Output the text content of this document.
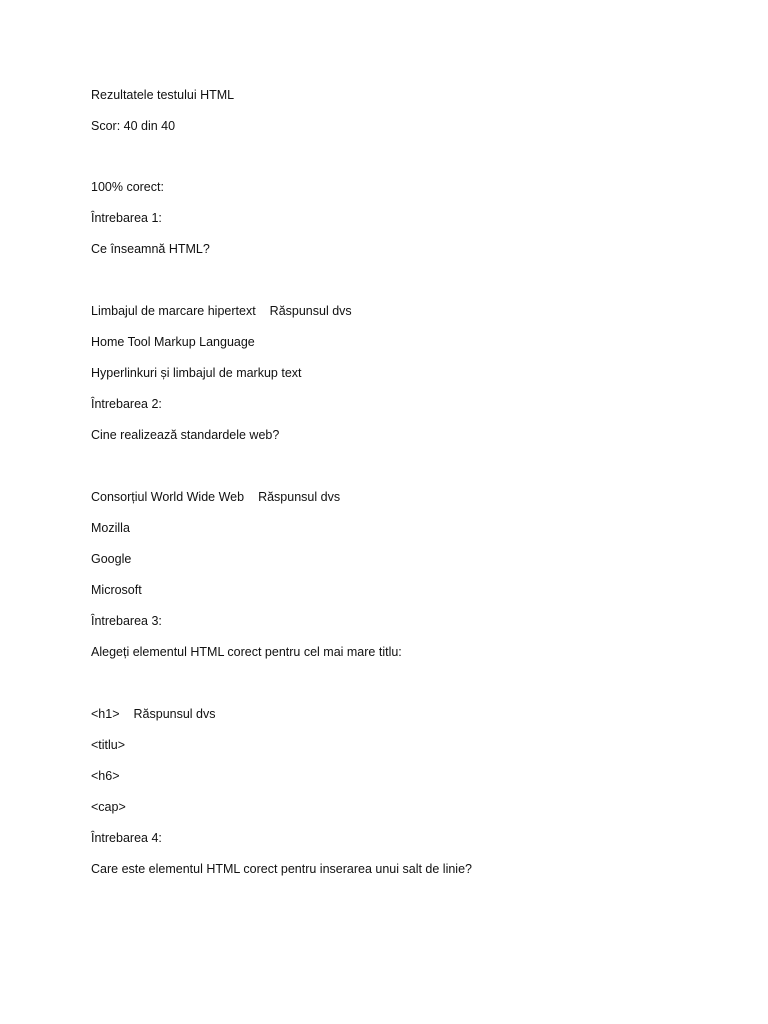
Rezultatele testului HTML
Scor: 40 din 40
100% corect:
Întrebarea 1:
Ce înseamnă HTML?
Limbajul de marcare hipertext Răspunsul dvs
Home Tool Markup Language
Hyperlinkuri și limbajul de markup text
Întrebarea 2:
Cine realizează standardele web?
Consorțiul World Wide Web Răspunsul dvs
Mozilla
Google
Microsoft
Întrebarea 3:
Alegeți elementul HTML corect pentru cel mai mare titlu:
<h1> Răspunsul dvs
<titlu>
<h6>
<cap>
Întrebarea 4:
Care este elementul HTML corect pentru inserarea unui salt de linie?
